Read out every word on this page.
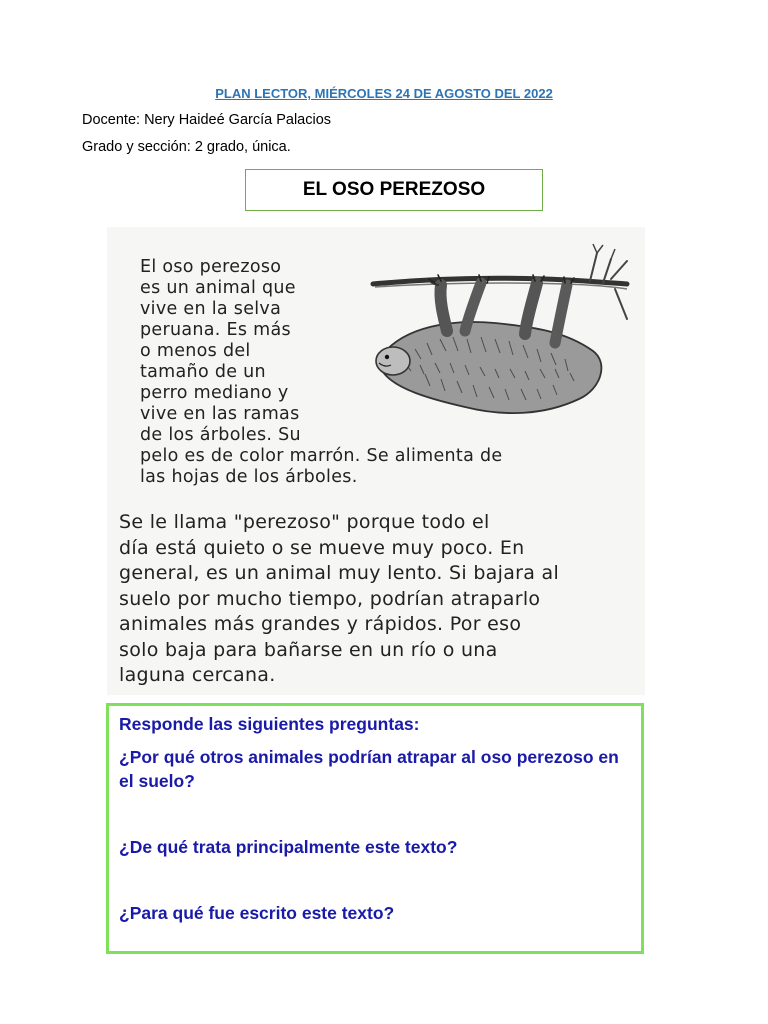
PLAN LECTOR, MIÉRCOLES 24 DE AGOSTO DEL 2022
Docente: Nery Haideé García Palacios
Grado y sección: 2 grado, única.
EL OSO PEREZOSO
El oso perezoso
es un animal que
vive en la selva
peruana. Es más
o menos del
tamaño de un
perro mediano y
vive en las ramas
de los árboles. Su
pelo es de color marrón. Se alimenta de
las hojas de los árboles.
Se le llama "perezoso" porque todo el
día está quieto o se mueve muy poco. En
general, es un animal muy lento. Si bajara al
suelo por mucho tiempo, podrían atraparlo
animales más grandes y rápidos. Por eso
solo baja para bañarse en un río o una
laguna cercana.

Responde las siguientes preguntas:

¿Por qué otros animales podrían atrapar al oso perezoso en el suelo?

¿De qué trata principalmente este texto?

¿Para qué fue escrito este texto?
